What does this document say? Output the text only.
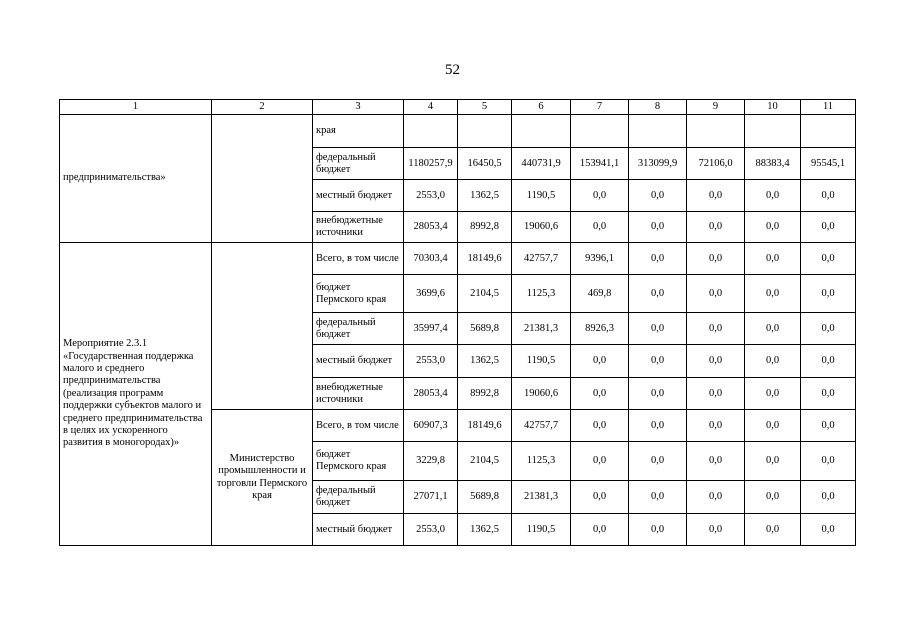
52
1	2	3	4	5	6	7	8	9	10	11
предпринимательства»		края								
		федеральный бюджет	1180257,9	16450,5	440731,9	153941,1	313099,9	72106,0	88383,4	95545,1
		местный бюджет	2553,0	1362,5	1190,5	0,0	0,0	0,0	0,0	0,0
		внебюджетные источники	28053,4	8992,8	19060,6	0,0	0,0	0,0	0,0	0,0
Мероприятие 2.3.1 «Государственная поддержка малого и среднего предпринимательства (реализация программ поддержки субъектов малого и среднего предпринимательства в целях их ускоренного развития в моногородах)»		Всего, в том числе	70303,4	18149,6	42757,7	9396,1	0,0	0,0	0,0	0,0
		бюджет Пермского края	3699,6	2104,5	1125,3	469,8	0,0	0,0	0,0	0,0
		федеральный бюджет	35997,4	5689,8	21381,3	8926,3	0,0	0,0	0,0	0,0
		местный бюджет	2553,0	1362,5	1190,5	0,0	0,0	0,0	0,0	0,0
		внебюджетные источники	28053,4	8992,8	19060,6	0,0	0,0	0,0	0,0	0,0
	Министерство промышленности и торговли Пермского края	Всего, в том числе	60907,3	18149,6	42757,7	0,0	0,0	0,0	0,0	0,0
		бюджет Пермского края	3229,8	2104,5	1125,3	0,0	0,0	0,0	0,0	0,0
		федеральный бюджет	27071,1	5689,8	21381,3	0,0	0,0	0,0	0,0	0,0
		местный бюджет	2553,0	1362,5	1190,5	0,0	0,0	0,0	0,0	0,0
